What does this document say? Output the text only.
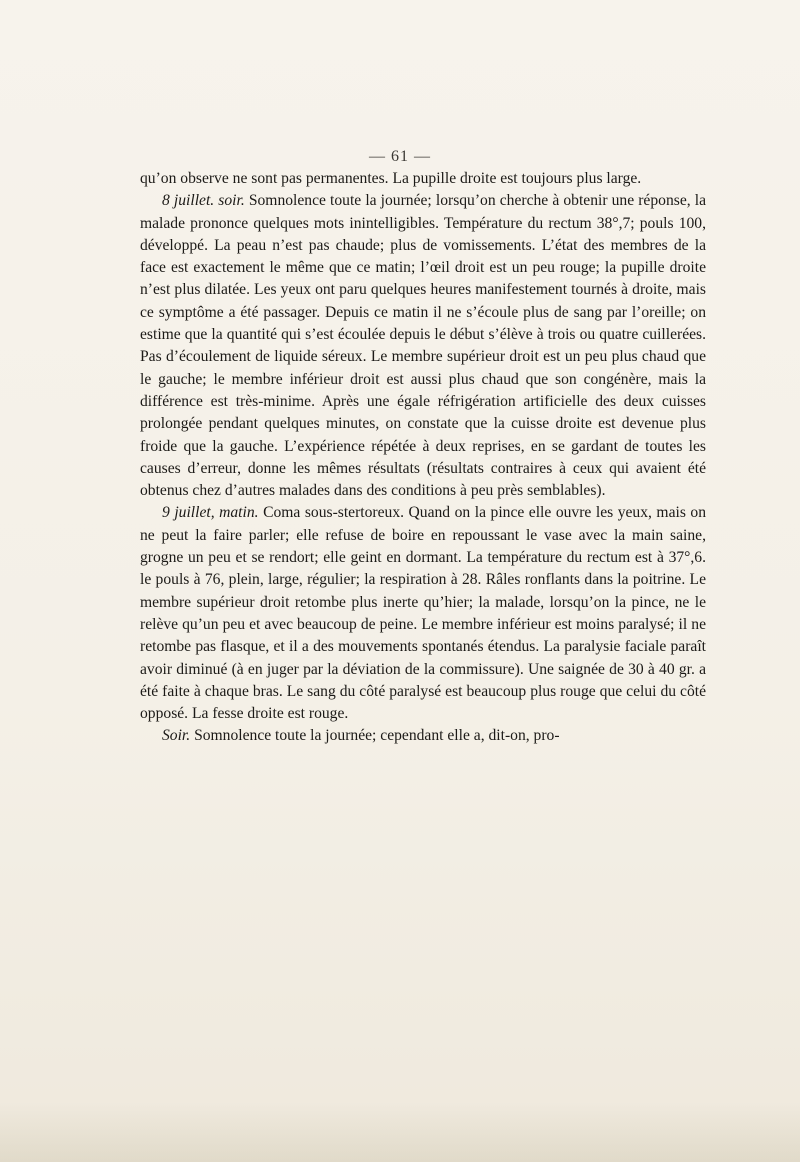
— 61 —

qu’on observe ne sont pas permanentes. La pupille droite est toujours plus large.

8 juillet. soir. Somnolence toute la journée; lorsqu’on cherche à obtenir une réponse, la malade prononce quelques mots inintelligibles. Température du rectum 38°,7; pouls 100, développé. La peau n’est pas chaude; plus de vomissements. L’état des membres de la face est exactement le même que ce matin; l’œil droit est un peu rouge; la pupille droite n’est plus dilatée. Les yeux ont paru quelques heures manifestement tournés à droite, mais ce symptôme a été passager. Depuis ce matin il ne s’écoule plus de sang par l’oreille; on estime que la quantité qui s’est écoulée depuis le début s’élève à trois ou quatre cuillerées. Pas d’écoulement de liquide séreux. Le membre supérieur droit est un peu plus chaud que le gauche; le membre inférieur droit est aussi plus chaud que son congénère, mais la différence est très-minime. Après une égale réfrigération artificielle des deux cuisses prolongée pendant quelques minutes, on constate que la cuisse droite est devenue plus froide que la gauche. L’expérience répétée à deux reprises, en se gardant de toutes les causes d’erreur, donne les mêmes résultats (résultats contraires à ceux qui avaient été obtenus chez d’autres malades dans des conditions à peu près semblables).

9 juillet, matin. Coma sous-stertoreux. Quand on la pince elle ouvre les yeux, mais on ne peut la faire parler; elle refuse de boire en repoussant le vase avec la main saine, grogne un peu et se rendort; elle geint en dormant. La température du rectum est à 37°,6. le pouls à 76, plein, large, régulier; la respiration à 28. Râles ronflants dans la poitrine. Le membre supérieur droit retombe plus inerte qu’hier; la malade, lorsqu’on la pince, ne le relève qu’un peu et avec beaucoup de peine. Le membre inférieur est moins paralysé; il ne retombe pas flasque, et il a des mouvements spontanés étendus. La paralysie faciale paraît avoir diminué (à en juger par la déviation de la commissure). Une saignée de 30 à 40 gr. a été faite à chaque bras. Le sang du côté paralysé est beaucoup plus rouge que celui du côté opposé. La fesse droite est rouge.

Soir. Somnolence toute la journée; cependant elle a, dit-on, pro-
